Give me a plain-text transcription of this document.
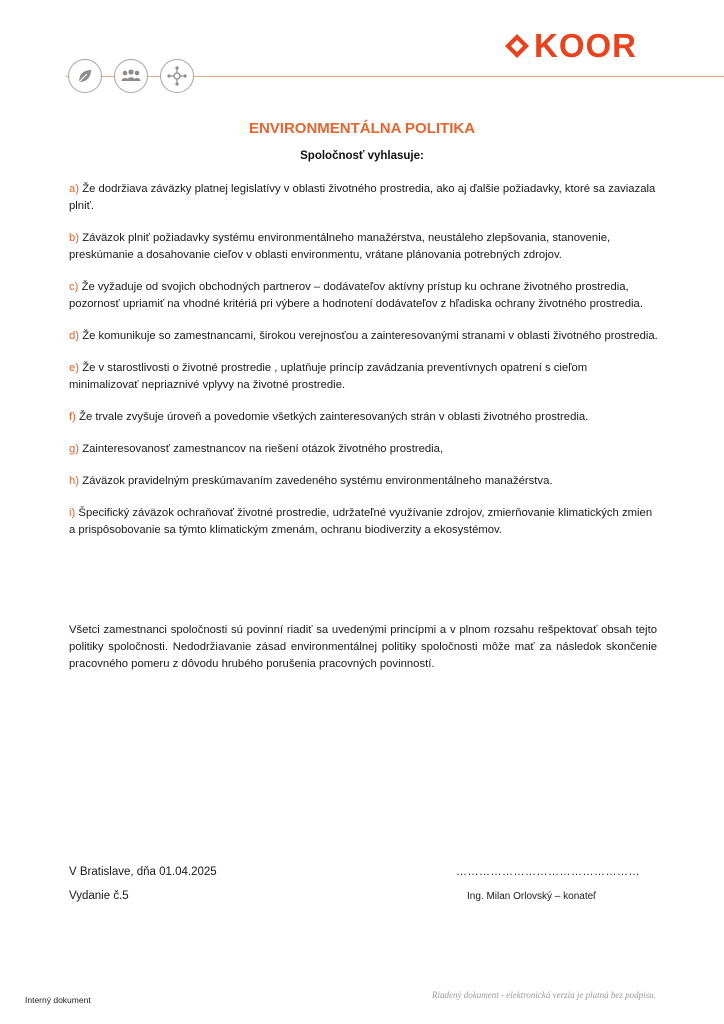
KOOR
ENVIRONMENTÁLNA POLITIKA
Spoločnosť vyhlasuje:

a) Že dodržiava záväzky platnej legislatívy v oblasti životného prostredia, ako aj ďalšie požiadavky, ktoré sa zaviazala plniť.

b) Záväzok plniť požiadavky systému environmentálneho manažérstva, neustáleho zlepšovania, stanovenie, preskúmanie a dosahovanie cieľov v oblasti environmentu, vrátane plánovania potrebných zdrojov.

c) Že vyžaduje od svojich obchodných partnerov – dodávateľov aktívny prístup ku ochrane životného prostredia, pozornosť upriamiť na vhodné kritériá pri výbere a hodnotení dodávateľov z hľadiska ochrany životného prostredia.

d) Že komunikuje so zamestnancami, širokou verejnosťou a zainteresovanými stranami v oblasti životného prostredia.

e) Že v starostlivosti o životné prostredie , uplatňuje princíp zavádzania preventívnych opatrení s cieľom minimalizovať nepriaznivé vplyvy na životné prostredie.

f) Že trvale zvyšuje úroveň a povedomie všetkých zainteresovaných strán v oblasti životného prostredia.

g) Zainteresovanosť zamestnancov na riešení otázok životného prostredia,

h) Záväzok pravidelným preskúmavaním zavedeného systému environmentálneho manažérstva.

i) Špecifický záväzok ochraňovať životné prostredie, udržateľné využívanie zdrojov, zmierňovanie klimatických zmien a prispôsobovanie sa týmto klimatickým zmenám, ochranu biodiverzity a ekosystémov.

Všetci zamestnanci spoločnosti sú povinní riadiť sa uvedenými princípmi a v plnom rozsahu rešpektovať obsah tejto politiky spoločnosti. Nedodržiavanie zásad environmentálnej politiky spoločnosti môže mať za následok skončenie pracovného pomeru z dôvodu hrubého porušenia pracovných povinností.
V Bratislave, dňa 01.04.2025
Vydanie č.5
…………………………………………
Ing. Milan Orlovský – konateľ
Interný dokument	Riadený dokument - elektronická verzia je platná bez podpisu.
